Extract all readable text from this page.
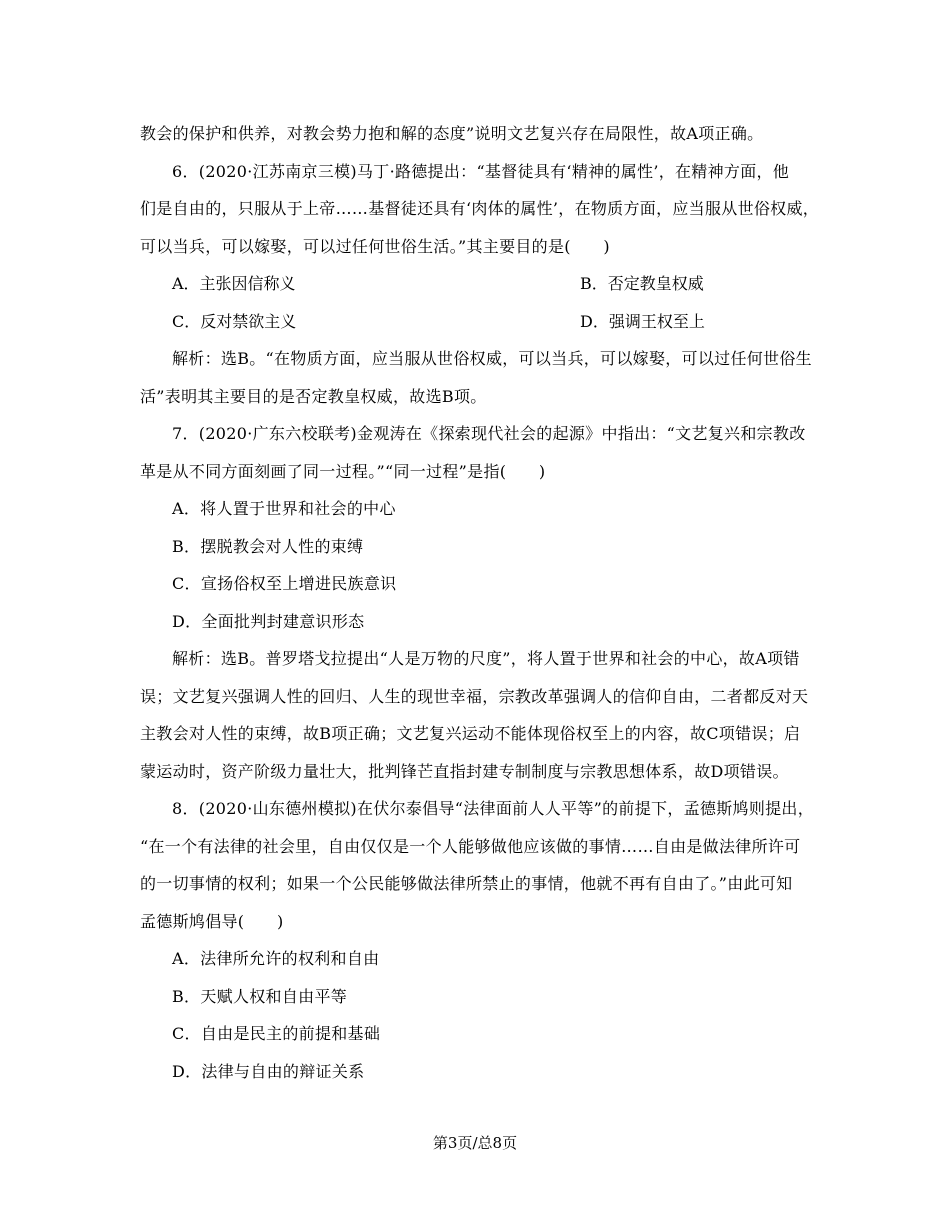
教会的保护和供养，对教会势力抱和解的态度”说明文艺复兴存在局限性，故A项正确。
6．(2020·江苏南京三模)马丁·路德提出：“基督徒具有‘精神的属性’，在精神方面，他
们是自由的，只服从于上帝……基督徒还具有‘肉体的属性’，在物质方面，应当服从世俗权威，
可以当兵，可以嫁娶，可以过任何世俗生活。”其主要目的是(　　)
A．主张因信称义	B．否定教皇权威
C．反对禁欲主义	D．强调王权至上
解析：选B。“在物质方面，应当服从世俗权威，可以当兵，可以嫁娶，可以过任何世俗生
活”表明其主要目的是否定教皇权威，故选B项。
7．(2020·广东六校联考)金观涛在《探索现代社会的起源》中指出：“文艺复兴和宗教改
革是从不同方面刻画了同一过程。”“同一过程”是指(　　)
A．将人置于世界和社会的中心
B．摆脱教会对人性的束缚
C．宣扬俗权至上增进民族意识
D．全面批判封建意识形态
解析：选B。普罗塔戈拉提出“人是万物的尺度”，将人置于世界和社会的中心，故A项错
误；文艺复兴强调人性的回归、人生的现世幸福，宗教改革强调人的信仰自由，二者都反对天
主教会对人性的束缚，故B项正确；文艺复兴运动不能体现俗权至上的内容，故C项错误；启
蒙运动时，资产阶级力量壮大，批判锋芒直指封建专制制度与宗教思想体系，故D项错误。
8．(2020·山东德州模拟)在伏尔泰倡导“法律面前人人平等”的前提下，孟德斯鸠则提出，
“在一个有法律的社会里，自由仅仅是一个人能够做他应该做的事情……自由是做法律所许可
的一切事情的权利；如果一个公民能够做法律所禁止的事情，他就不再有自由了。”由此可知
孟德斯鸠倡导(　　)
A．法律所允许的权利和自由
B．天赋人权和自由平等
C．自由是民主的前提和基础
D．法律与自由的辩证关系
第3页/总8页
